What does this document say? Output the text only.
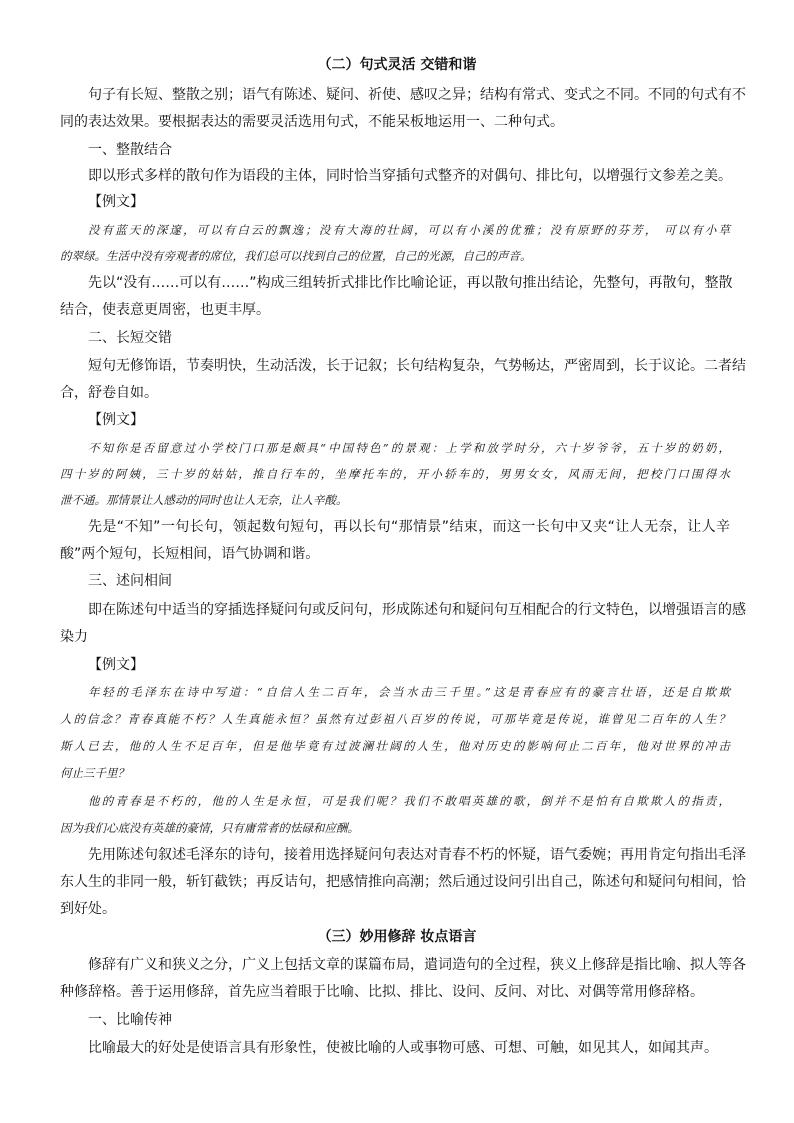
（二）句式灵活 交错和谐
句子有长短、整散之别；语气有陈述、疑问、祈使、感叹之异；结构有常式、变式之不同。不同的句式有不
同的表达效果。要根据表达的需要灵活选用句式，不能呆板地运用一、二种句式。
一、整散结合
即以形式多样的散句作为语段的主体，同时恰当穿插句式整齐的对偶句、排比句，以增强行文参差之美。
【例文】
没有蓝天的深邃，可以有白云的飘逸；没有大海的壮阔，可以有小溪的优雅；没有原野的芬芳， 可以有小草
的翠绿。生活中没有旁观者的席位，我们总可以找到自己的位置，自己的光源，自己的声音。
先以“没有……可以有……”构成三组转折式排比作比喻论证，再以散句推出结论，先整句，再散句，整散
结合，使表意更周密，也更丰厚。
二、长短交错
短句无修饰语，节奏明快，生动活泼，长于记叙；长句结构复杂，气势畅达，严密周到，长于议论。二者结
合，舒卷自如。
【例文】
不知你是否留意过小学校门口那是颇具“中国特色”的景观：上学和放学时分，六十岁爷爷，五十岁的奶奶，
四十岁的阿姨，三十岁的姑姑，推自行车的，坐摩托车的，开小轿车的，男男女女，风雨无间，把校门口围得水
泄不通。那情景让人感动的同时也让人无奈，让人辛酸。
先是“不知”一句长句，领起数句短句，再以长句“那情景”结束，而这一长句中又夹“让人无奈，让人辛
酸”两个短句，长短相间，语气协调和谐。
三、述问相间
即在陈述句中适当的穿插选择疑问句或反问句，形成陈述句和疑问句互相配合的行文特色，以增强语言的感
染力
【例文】
年轻的毛泽东在诗中写道：“自信人生二百年，会当水击三千里。”这是青春应有的豪言壮语，还是自欺欺
人的信念？青春真能不朽？人生真能永恒？虽然有过彭祖八百岁的传说，可那毕竟是传说，谁曾见二百年的人生？
斯人已去，他的人生不足百年，但是他毕竟有过波澜壮阔的人生，他对历史的影响何止二百年，他对世界的冲击
何止三千里？
他的青春是不朽的，他的人生是永恒，可是我们呢？我们不敢唱英雄的歌，倒并不是怕有自欺欺人的指责，
因为我们心底没有英雄的豪情，只有庸常者的怯碌和应酬。
先用陈述句叙述毛泽东的诗句，接着用选择疑问句表达对青春不朽的怀疑，语气委婉；再用肯定句指出毛泽
东人生的非同一般，斩钉截铁；再反诘句，把感情推向高潮；然后通过设问引出自己，陈述句和疑问句相间，恰
到好处。
（三）妙用修辞 妆点语言
修辞有广义和狭义之分，广义上包括文章的谋篇布局，遣词造句的全过程，狭义上修辞是指比喻、拟人等各
种修辞格。善于运用修辞，首先应当着眼于比喻、比拟、排比、设问、反问、对比、对偶等常用修辞格。
一、比喻传神
比喻最大的好处是使语言具有形象性，使被比喻的人或事物可感、可想、可触，如见其人，如闻其声。
